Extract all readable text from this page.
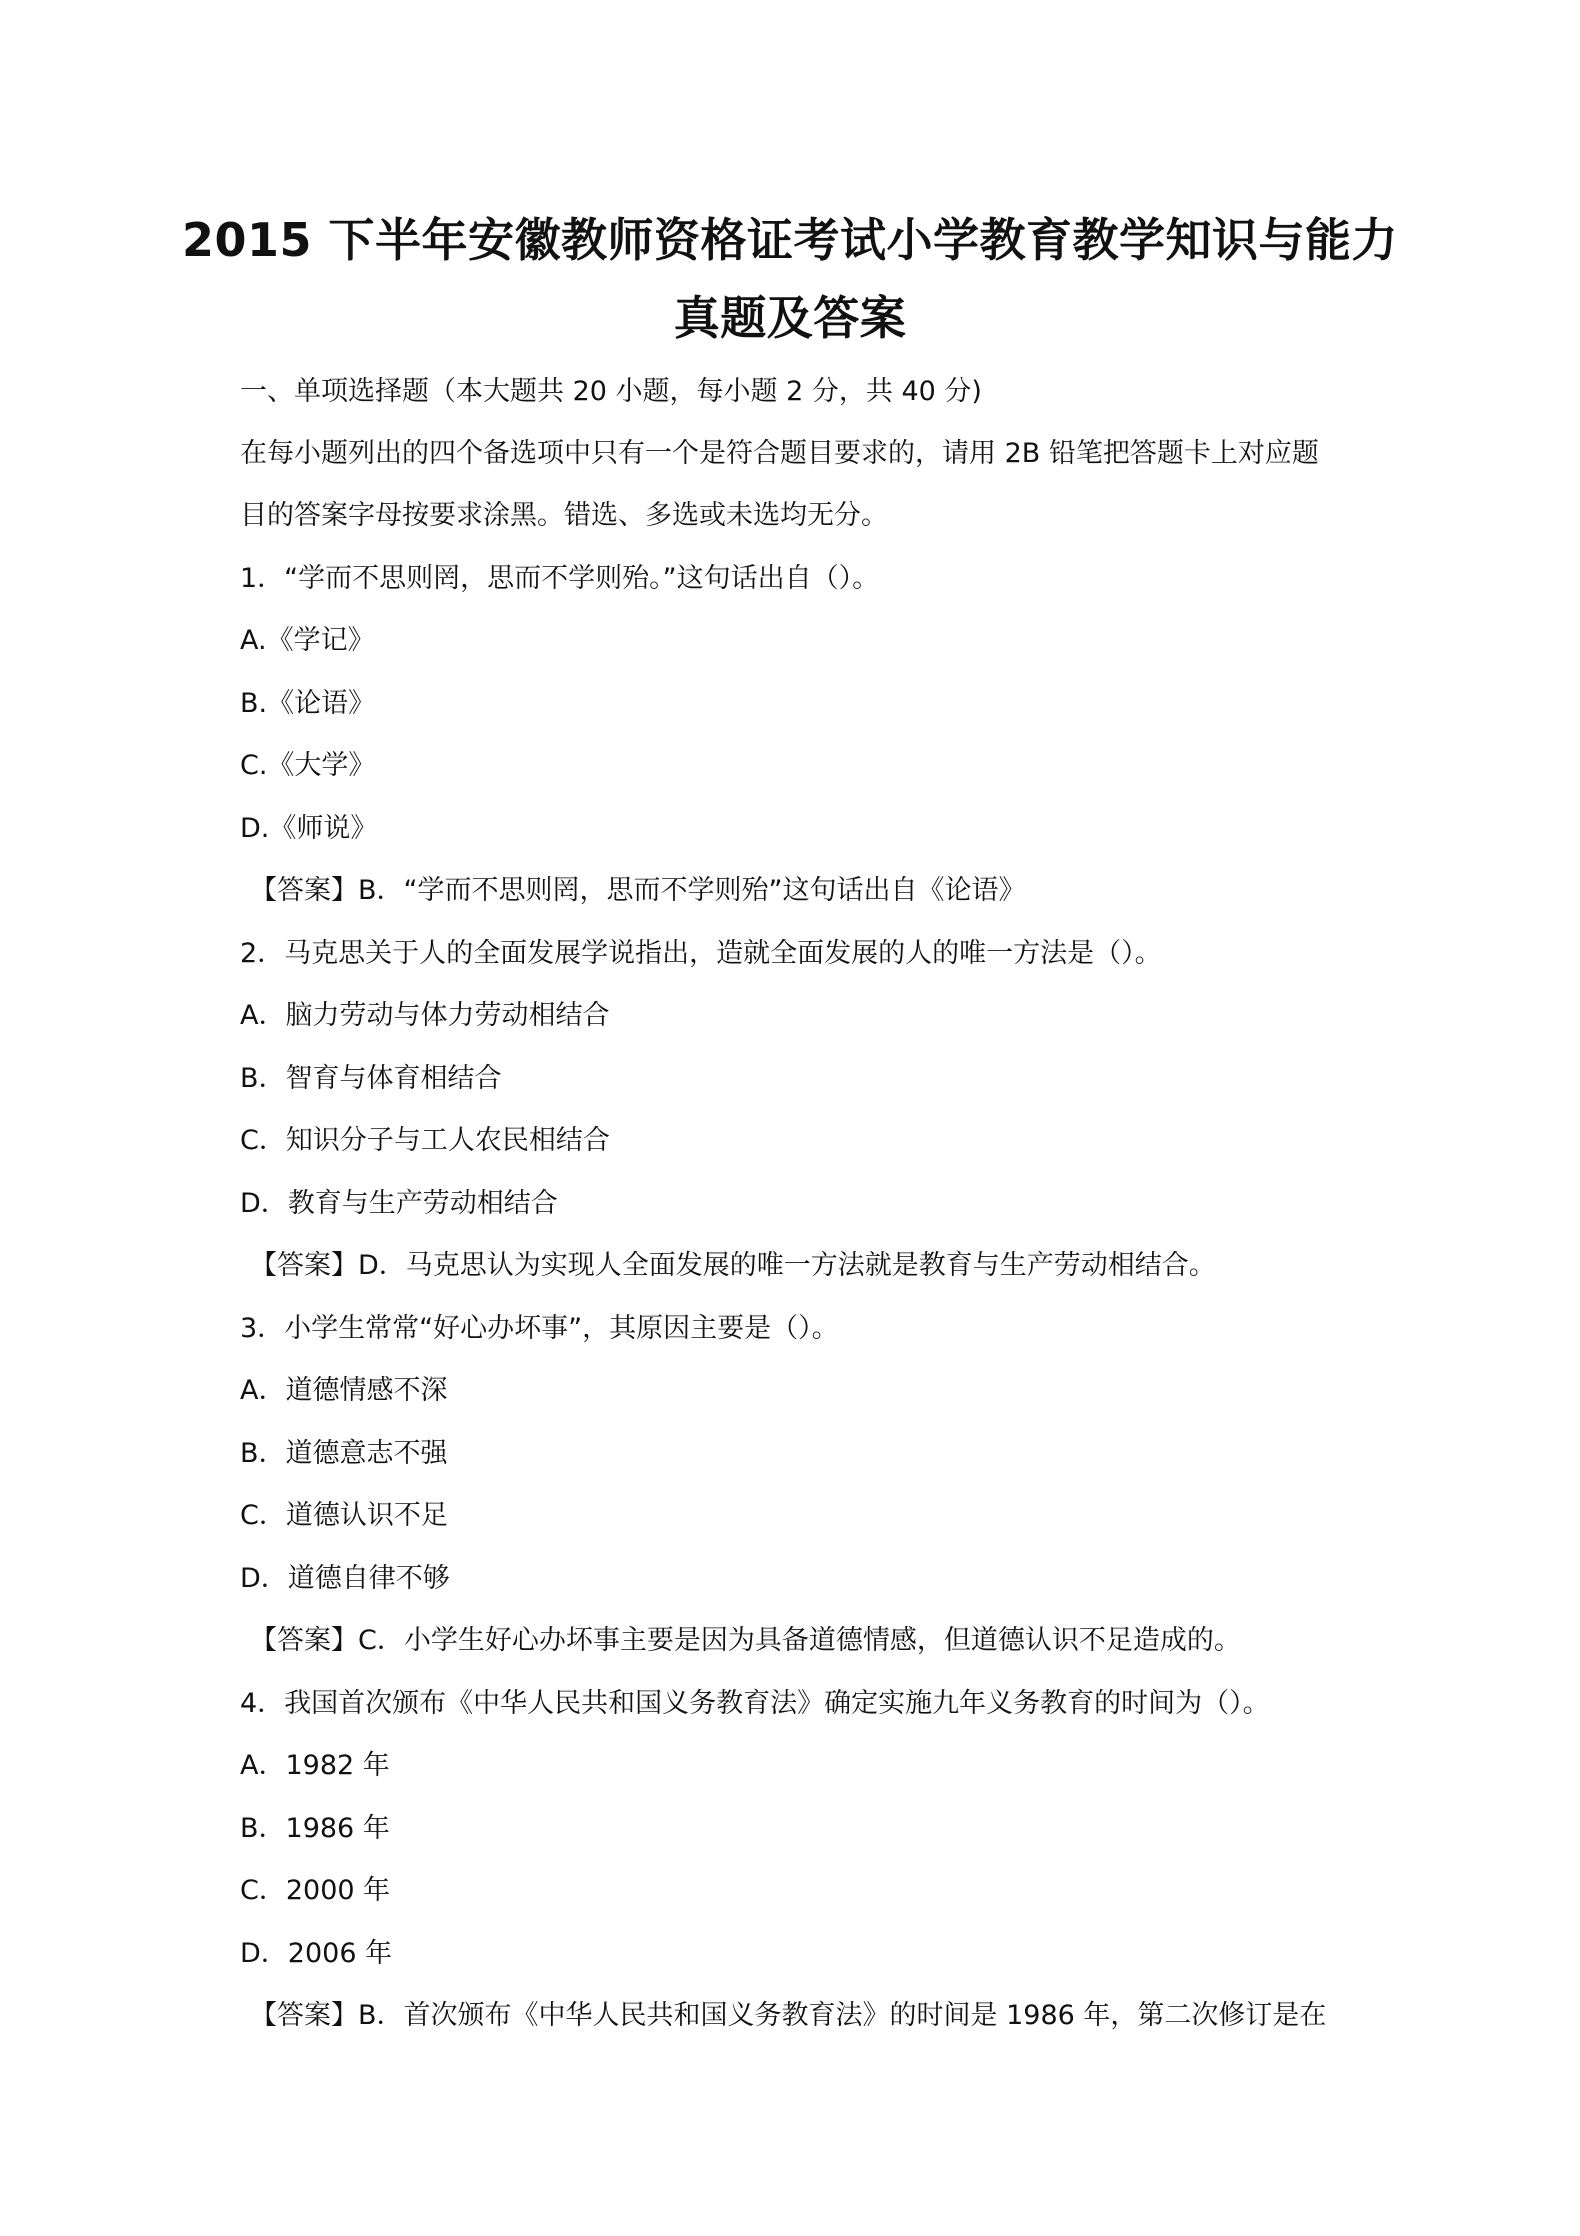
2015 下半年安徽教师资格证考试小学教育教学知识与能力
真题及答案
一、单项选择题（本大题共 20 小题，每小题 2 分，共 40 分)
在每小题列出的四个备选项中只有一个是符合题目要求的，请用 2B 铅笔把答题卡上对应题
目的答案字母按要求涂黑。错选、多选或未选均无分。
1．“学而不思则罔，思而不学则殆。”这句话出自（）。
A.《学记》
B.《论语》
C.《大学》
D.《师说》
【答案】B．“学而不思则罔，思而不学则殆”这句话出自《论语》
2．马克思关于人的全面发展学说指出，造就全面发展的人的唯一方法是（）。
A．脑力劳动与体力劳动相结合
B．智育与体育相结合
C．知识分子与工人农民相结合
D．教育与生产劳动相结合
【答案】D．马克思认为实现人全面发展的唯一方法就是教育与生产劳动相结合。
3．小学生常常“好心办坏事”，其原因主要是（）。
A．道德情感不深
B．道德意志不强
C．道德认识不足
D．道德自律不够
【答案】C．小学生好心办坏事主要是因为具备道德情感，但道德认识不足造成的。
4．我国首次颁布《中华人民共和国义务教育法》确定实施九年义务教育的时间为（）。
A．1982 年
B．1986 年
C．2000 年
D．2006 年
【答案】B．首次颁布《中华人民共和国义务教育法》的时间是 1986 年，第二次修订是在
